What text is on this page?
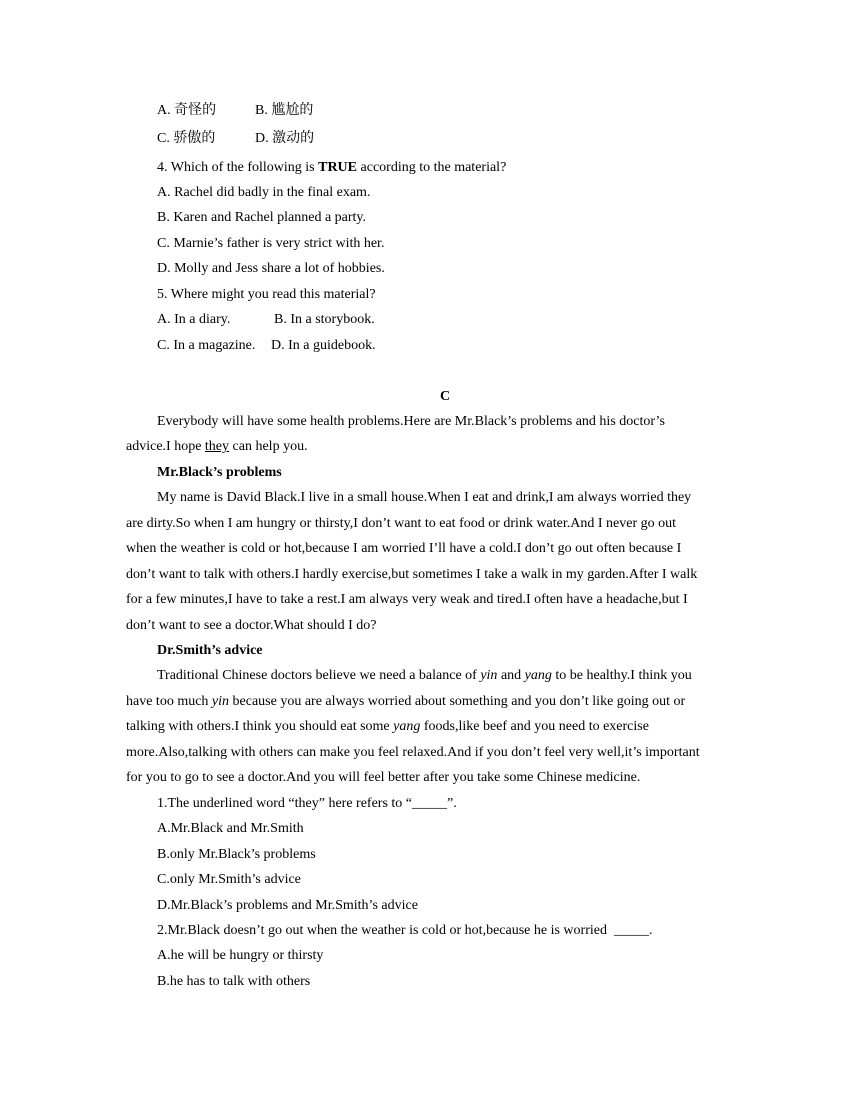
A. 奇怪的	B. 尴尬的
C. 骄傲的	D. 激动的
4. Which of the following is TRUE according to the material?
A. Rachel did badly in the final exam.
B. Karen and Rachel planned a party.
C. Marnie’s father is very strict with her.
D. Molly and Jess share a lot of hobbies.
5. Where might you read this material?
A. In a diary.	B. In a storybook.
C. In a magazine. D. In a guidebook.
C
Everybody will have some health problems.Here are Mr.Black’s problems and his doctor’s
advice.I hope they can help you.
Mr.Black’s problems
My name is David Black.I live in a small house.When I eat and drink,I am always worried they
are dirty.So when I am hungry or thirsty,I don’t want to eat food or drink water.And I never go out
when the weather is cold or hot,because I am worried I’ll have a cold.I don’t go out often because I
don’t want to talk with others.I hardly exercise,but sometimes I take a walk in my garden.After I walk
for a few minutes,I have to take a rest.I am always very weak and tired.I often have a headache,but I
don’t want to see a doctor.What should I do?
Dr.Smith’s advice
Traditional Chinese doctors believe we need a balance of yin and yang to be healthy.I think you
have too much yin because you are always worried about something and you don’t like going out or
talking with others.I think you should eat some yang foods,like beef and you need to exercise
more.Also,talking with others can make you feel relaxed.And if you don’t feel very well,it’s important
for you to go to see a doctor.And you will feel better after you take some Chinese medicine.
1.The underlined word “they” here refers to “_____”.
A.Mr.Black and Mr.Smith
B.only Mr.Black’s problems
C.only Mr.Smith’s advice
D.Mr.Black’s problems and Mr.Smith’s advice
2.Mr.Black doesn’t go out when the weather is cold or hot,because he is worried  _____.
A.he will be hungry or thirsty
B.he has to talk with others
